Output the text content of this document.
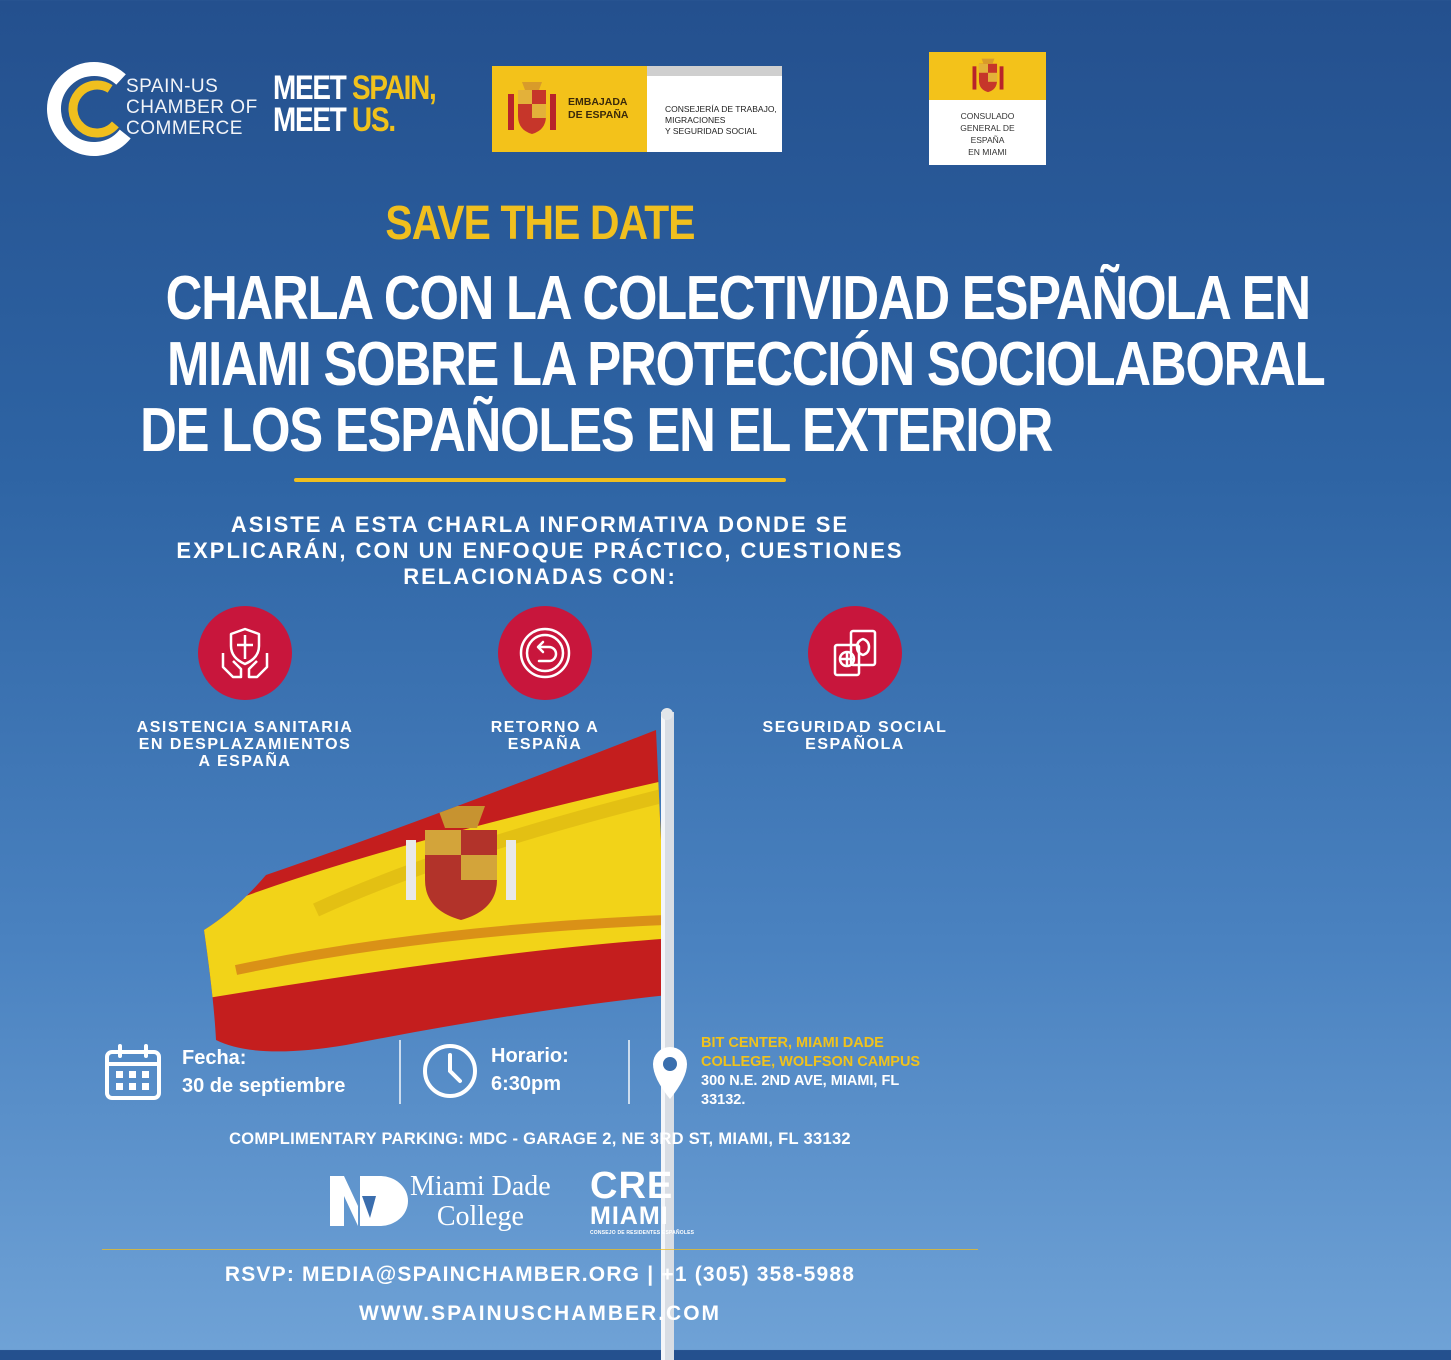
SPAIN-US
CHAMBER OF
COMMERCE
MEET SPAIN,
MEET US.	EMBAJADA
DE ESPAÑA	CONSEJERÍA DE TRABAJO,
MIGRACIONES
Y SEGURIDAD SOCIAL
CONSULADO
GENERAL DE
ESPAÑA
EN MIAMI
SAVE THE DATE
CHARLA CON LA COLECTIVIDAD ESPAÑOLA EN
MIAMI SOBRE LA PROTECCIÓN SOCIOLABORAL
DE LOS ESPAÑOLES EN EL EXTERIOR
ASISTE A ESTA CHARLA INFORMATIVA DONDE SE
EXPLICARÁN, CON UN ENFOQUE PRÁCTICO, CUESTIONES
RELACIONADAS CON:
ASISTENCIA SANITARIA
EN DESPLAZAMIENTOS
A ESPAÑA
RETORNO A
ESPAÑA
SEGURIDAD SOCIAL
ESPAÑOLA
Fecha:
30 de septiembre
Horario:
6:30pm
BIT CENTER, MIAMI DADE
COLLEGE, WOLFSON CAMPUS
300 N.E. 2ND AVE, MIAMI, FL
33132.
COMPLIMENTARY PARKING: MDC - GARAGE 2, NE 3RD ST, MIAMI, FL 33132
Miami Dade
College
CRE
MIAMI
CONSEJO DE RESIDENTES ESPAÑOLES
RSVP: MEDIA@SPAINCHAMBER.ORG | +1 (305) 358-5988
WWW.SPAINUSCHAMBER.COM
